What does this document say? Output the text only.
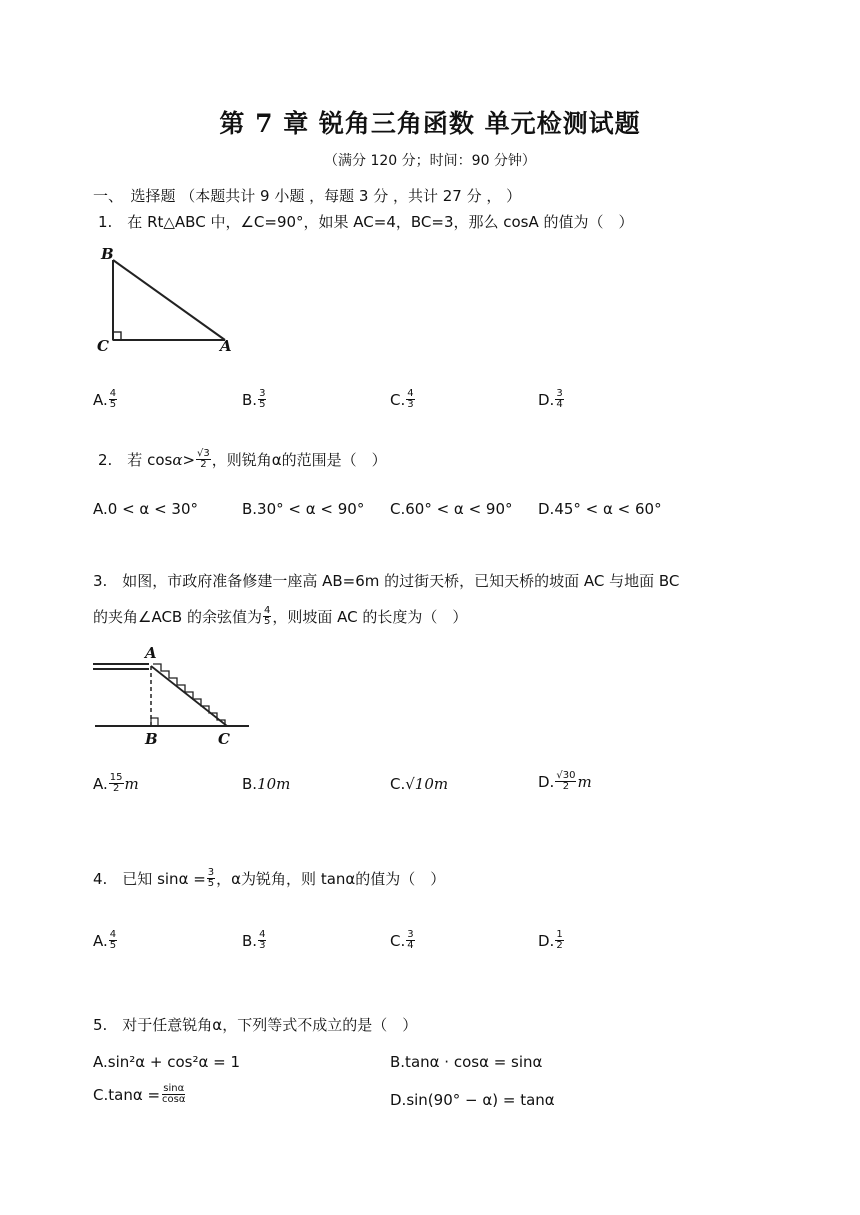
第 7 章 锐角三角函数 单元检测试题
（满分 120 分；时间：90 分钟）
一、　选择题 （本题共计 9 小题 ，每题 3 分 ，共计 27 分 ， ）
1.　在 Rt△ABC 中，∠C=90°，如果 AC=4，BC=3，那么 cosA 的值为（　）
B
C	A
A. $\frac{4}{5}$	B. $\frac{3}{5}$	C. $\frac{4}{3}$	D. $\frac{3}{4}$
2.　若 $\cos \alpha > \frac{√3}{2}$ ，则锐角α的范围是（　）
A.0 < α < 30°	B.30° < α < 90° C.60° < α < 90° D.45° < α < 60°
3.　如图，市政府准备修建一座高 AB=6m 的过街天桥，已知天桥的坡面 AC 与地面 BC
的夹角∠ACB 的余弦值为 $\frac{4}{5}$ ，则坡面 AC 的长度为（　）
A
B	C
A. $\frac{15}{2}$ m	B. 10m	C. √10m	D. $\frac{√30}{2}$ m
4.　已知 $\sin\alpha = \frac{3}{5}$ ，α为锐角，则 tanα的值为（　）
A. $\frac{4}{5}$	B. $\frac{4}{3}$	C. $\frac{3}{4}$	D. $\frac{1}{2}$
5.　对于任意锐角α，下列等式不成立的是（　）
A.sin²α + cos²α = 1	B.tanα · cosα = sinα
$C.\tan\alpha = \frac{\sin\alpha}{\cos\alpha}$	D.sin(90° − α) = tanα
